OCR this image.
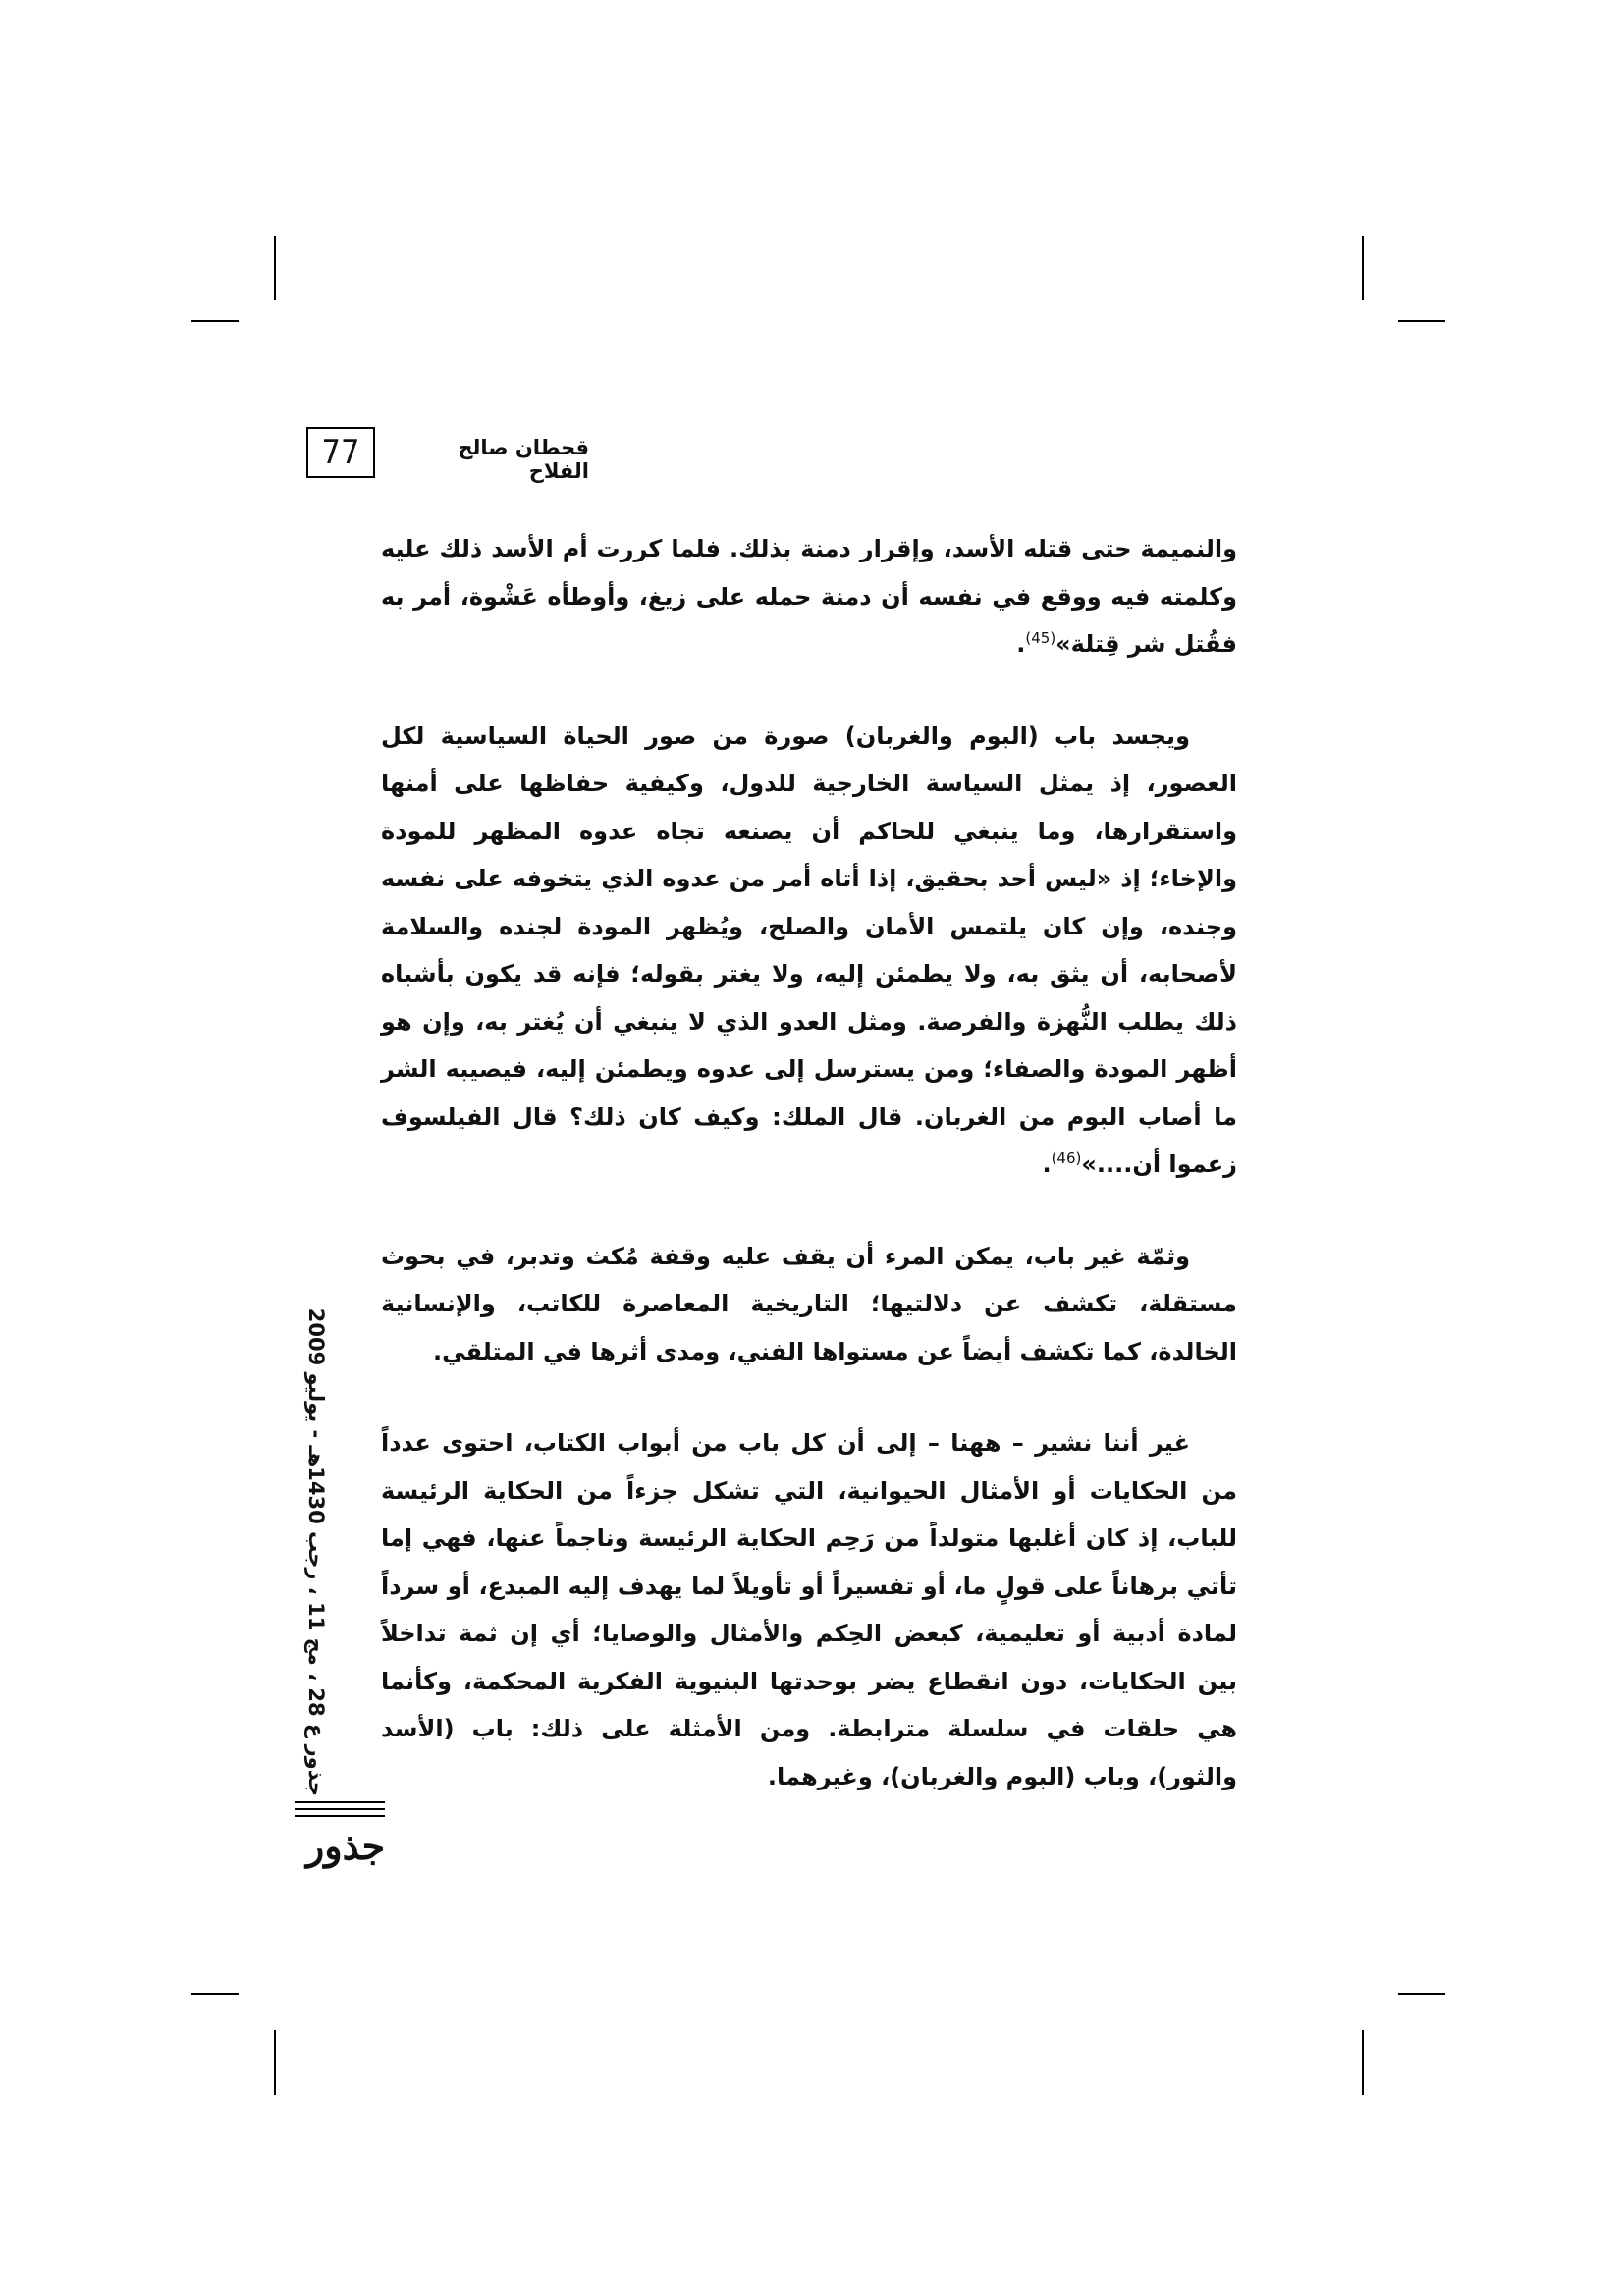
77	قحطان صالح الفلاح

والنميمة حتى قتله الأسد، وإقرار دمنة بذلك. فلما كررت أم الأسد ذلك عليه وكلمته فيه ووقع في نفسه أن دمنة حمله على زيغ، وأوطأه عَشْوة، أمر به فقُتل شر قِتلة»$^{(45)}$.

ويجسد باب (البوم والغربان) صورة من صور الحياة السياسية لكل العصور، إذ يمثل السياسة الخارجية للدول، وكيفية حفاظها على أمنها واستقرارها، وما ينبغي للحاكم أن يصنعه تجاه عدوه المظهر للمودة والإخاء؛ إذ «ليس أحد بحقيق، إذا أتاه أمر من عدوه الذي يتخوفه على نفسه وجنده، وإن كان يلتمس الأمان والصلح، ويُظهر المودة لجنده والسلامة لأصحابه، أن يثق به، ولا يطمئن إليه، ولا يغتر بقوله؛ فإنه قد يكون بأشباه ذلك يطلب النُّهزة والفرصة. ومثل العدو الذي لا ينبغي أن يُغتر به، وإن هو أظهر المودة والصفاء؛ ومن يسترسل إلى عدوه ويطمئن إليه، فيصيبه الشر ما أصاب البوم من الغربان. قال الملك: وكيف كان ذلك؟ قال الفيلسوف زعموا أن....»$^{(46)}$.

وثمّة غير باب، يمكن المرء أن يقف عليه وقفة مُكث وتدبر، في بحوث مستقلة، تكشف عن دلالتيها؛ التاريخية المعاصرة للكاتب، والإنسانية الخالدة، كما تكشف أيضاً عن مستواها الفني، ومدى أثرها في المتلقي.

غير أننا نشير – ههنا – إلى أن كل باب من أبواب الكتاب، احتوى عدداً من الحكايات أو الأمثال الحيوانية، التي تشكل جزءاً من الحكاية الرئيسة للباب، إذ كان أغلبها متولداً من رَحِم الحكاية الرئيسة وناجماً عنها، فهي إما تأتي برهاناً على قولٍ ما، أو تفسيراً أو تأويلاً لما يهدف إليه المبدع، أو سرداً لمادة أدبية أو تعليمية، كبعض الحِكم والأمثال والوصايا؛ أي إن ثمة تداخلاً بين الحكايات، دون انقطاع يضر بوحدتها البنيوية الفكرية المحكمة، وكأنما هي حلقات في سلسلة مترابطة. ومن الأمثلة على ذلك: باب (الأسد والثور)، وباب (البوم والغربان)، وغيرهما.

جذور ع 28 ، مج 11 ، رجب 1430هـ - يوليو 2009
جذور
